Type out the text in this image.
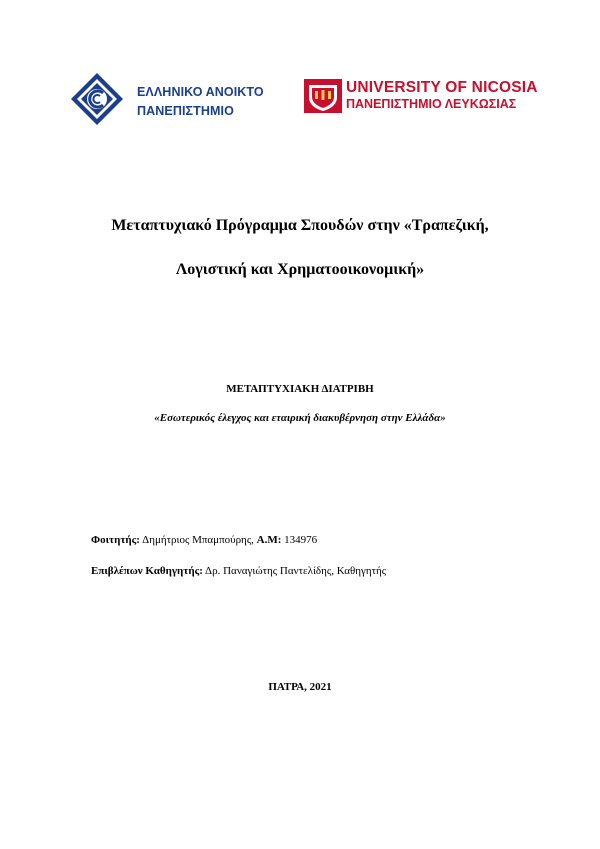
ΕΛΛΗΝΙΚΟ ΑΝΟΙΚΤΟ
ΠΑΝΕΠΙΣΤΗΜΙΟ
UNIVERSITY OF NICOSIA
ΠΑΝΕΠΙΣΤΗΜΙΟ ΛΕΥΚΩΣΙΑΣ
Μεταπτυχιακό Πρόγραμμα Σπουδών στην «Τραπεζική,
Λογιστική και Χρηματοοικονομική»
ΜΕΤΑΠΤΥΧΙΑΚΗ ΔΙΑΤΡΙΒΗ
«Εσωτερικός έλεγχος και εταιρική διακυβέρνηση στην Ελλάδα»
Φοιτητής: Δημήτριος Μπαμπούρης, Α.Μ: 134976
Επιβλέπων Καθηγητής: Δρ. Παναγιώτης Παντελίδης, Καθηγητής
ΠΑΤΡΑ, 2021
